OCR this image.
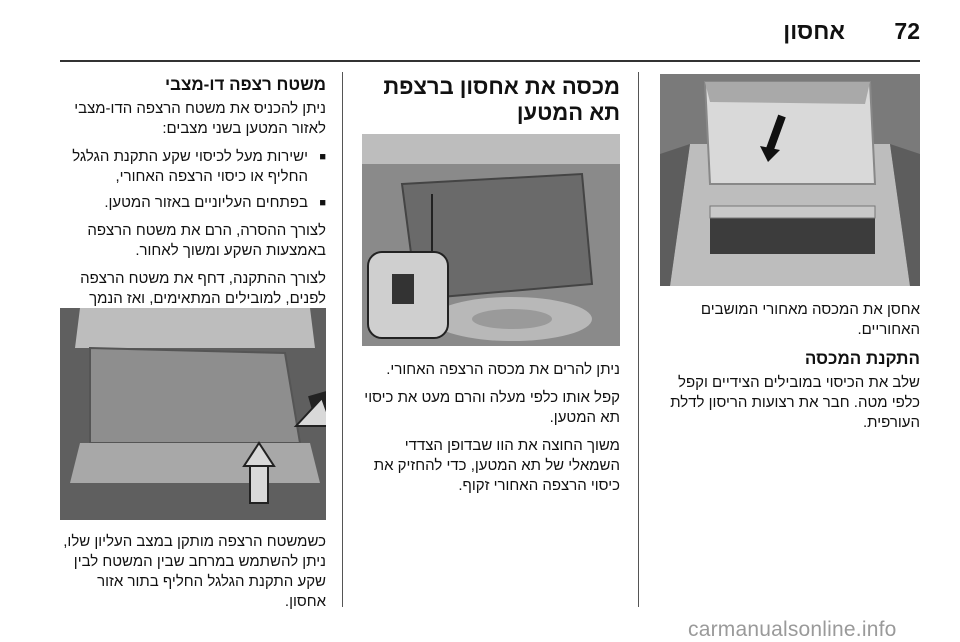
אחסון 72

אחסן את המכסה מאחורי המושבים האחוריים.

התקנת המכסה

שלב את הכיסוי במובילים הצידיים וקפל כלפי מטה. חבר את רצועות הריסון לדלת העורפית.

מכסה את אחסון ברצפת תא המטען

ניתן להרים את מכסה הרצפה האחורי.

קפל אותו כלפי מעלה והרם מעט את כיסוי תא המטען.

משוך החוצה את הוו שבדופן הצדדי השמאלי של תא המטען, כדי להחזיק את כיסוי הרצפה האחורי זקוף.

משטח רצפה דו-מצבי

ניתן להכניס את משטח הרצפה הדו-מצבי לאזור המטען בשני מצבים:

■ ישירות מעל לכיסוי שקע התקנת הגלגל החליף או כיסוי הרצפה האחורי,
■ בפתחים העליוניים באזור המטען.

לצורך ההסרה, הרם את משטח הרצפה באמצעות השקע ומשוך לאחור.

לצורך ההתקנה, דחף את משטח הרצפה לפנים, למובילים המתאימים, ואז הנמך

כשמשטח הרצפה מותקן במצב העליון שלו, ניתן להשתמש במרחב שבין המשטח לבין שקע התקנת הגלגל החליף בתור אזור אחסון.

carmanualsonline.info
